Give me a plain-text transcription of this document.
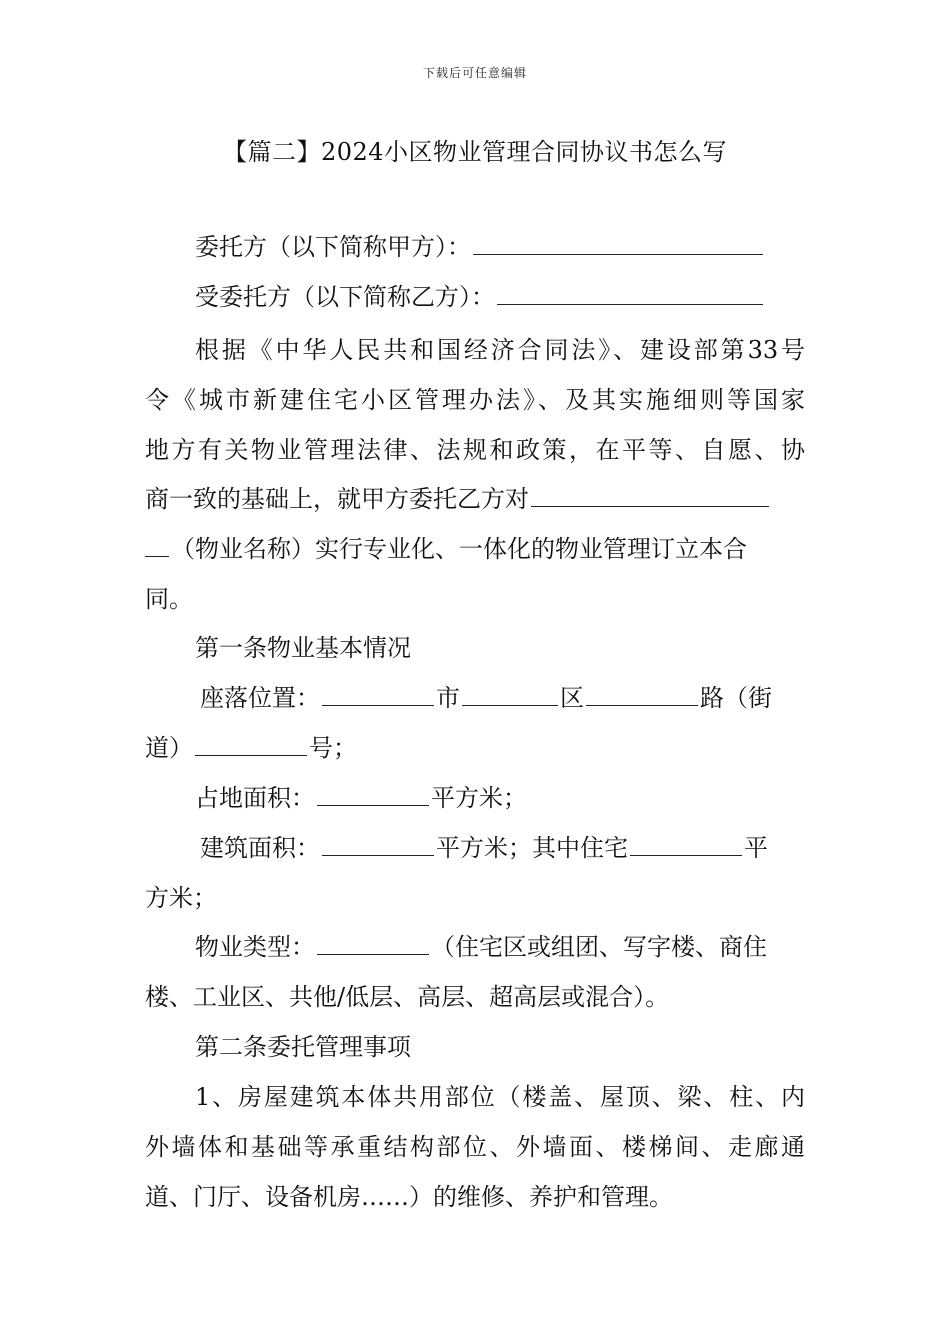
下载后可任意编辑
【篇二】2024小区物业管理合同协议书怎么写
委托方（以下简称甲方）：
受委托方（以下简称乙方）：
根据《中华人民共和国经济合同法》、建设部第33号
令《城市新建住宅小区管理办法》、及其实施细则等国家
地方有关物业管理法律、法规和政策，在平等、自愿、协
商一致的基础上，就甲方委托乙方对
（物业名称）实行专业化、一体化的物业管理订立本合
同。
第一条物业基本情况
座落位置：	市	区	路（街
道）	号；
占地面积：	平方米；
建筑面积：	平方米；其中住宅	平
方米；
物业类型：	（住宅区或组团、写字楼、商住
楼、工业区、共他/低层、高层、超高层或混合）。
第二条委托管理事项
1、房屋建筑本体共用部位（楼盖、屋顶、梁、柱、内
外墙体和基础等承重结构部位、外墙面、楼梯间、走廊通
道、门厅、设备机房……）的维修、养护和管理。
